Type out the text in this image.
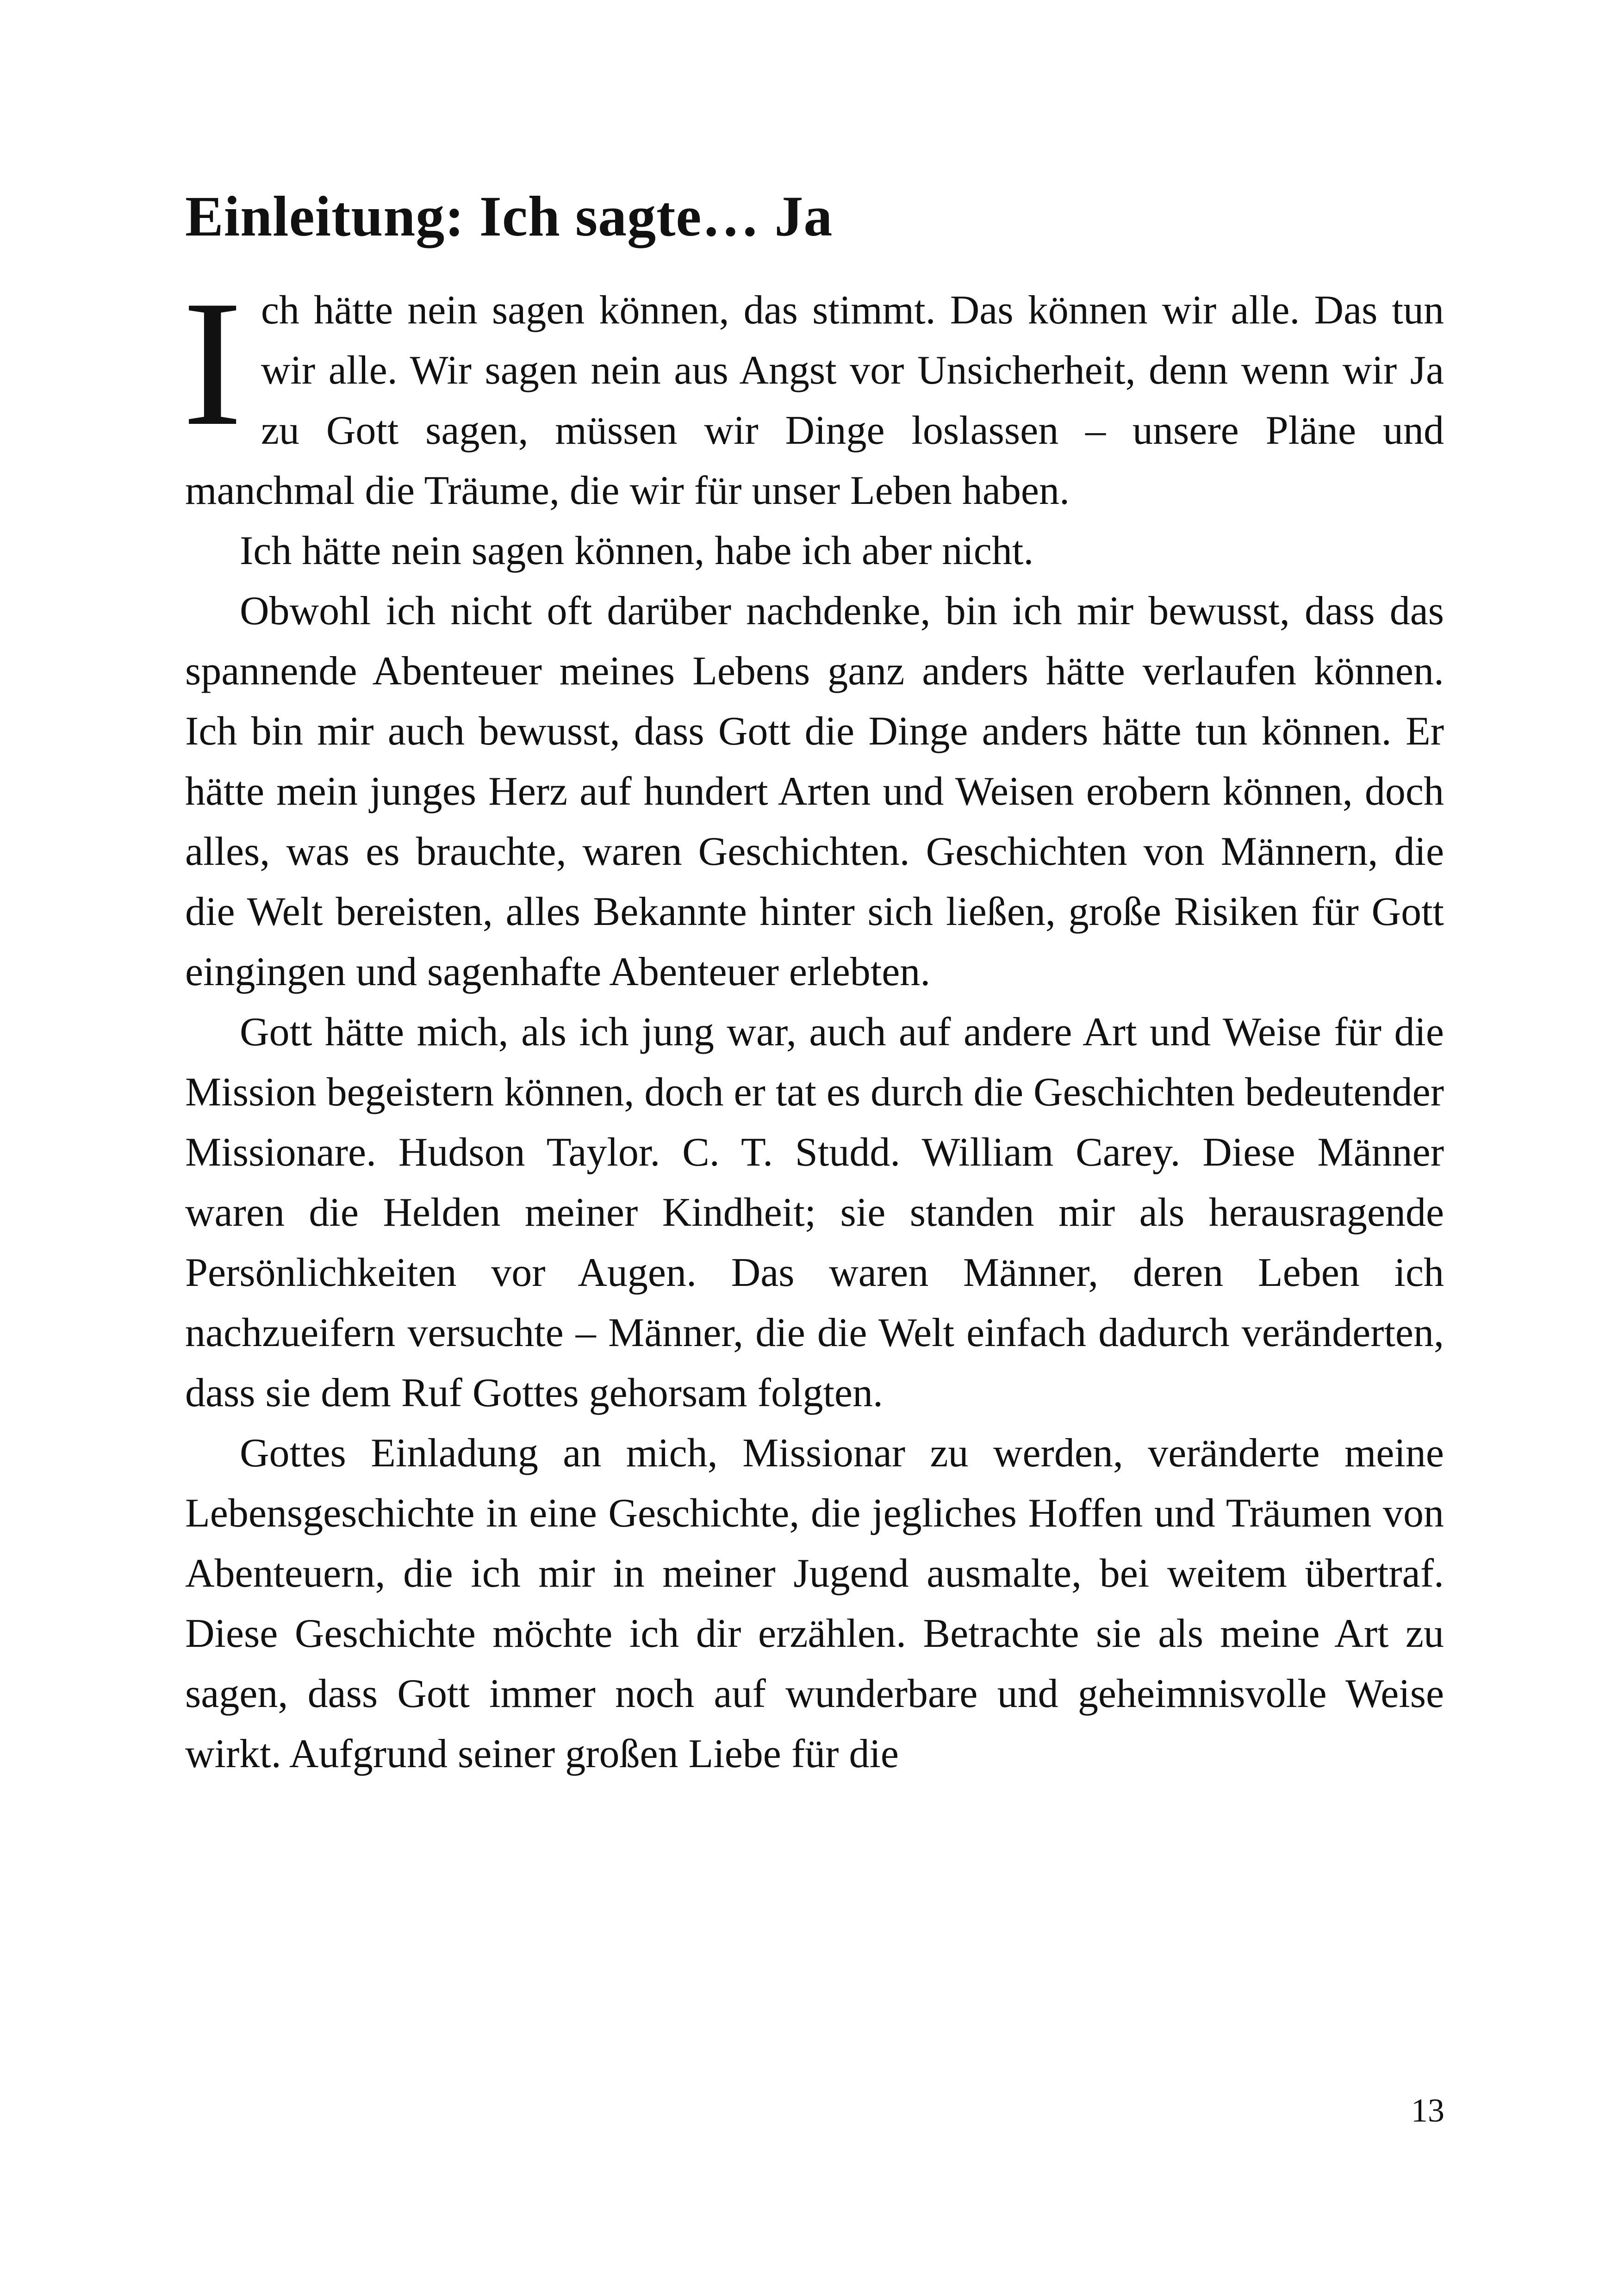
Einleitung: Ich sagte… Ja

Ich hätte nein sagen können, das stimmt. Das können wir alle. Das tun wir alle. Wir sagen nein aus Angst vor Unsicherheit, denn wenn wir Ja zu Gott sagen, müssen wir Dinge loslassen – unsere Pläne und manchmal die Träume, die wir für unser Leben haben.

Ich hätte nein sagen können, habe ich aber nicht.

Obwohl ich nicht oft darüber nachdenke, bin ich mir bewusst, dass das spannende Abenteuer meines Lebens ganz anders hätte verlaufen können. Ich bin mir auch bewusst, dass Gott die Dinge anders hätte tun können. Er hätte mein junges Herz auf hundert Arten und Weisen erobern können, doch alles, was es brauchte, waren Geschichten. Geschichten von Männern, die die Welt bereisten, alles Bekannte hinter sich ließen, große Risiken für Gott eingingen und sagenhafte Abenteuer erlebten.

Gott hätte mich, als ich jung war, auch auf andere Art und Weise für die Mission begeistern können, doch er tat es durch die Geschichten bedeutender Missionare. Hudson Taylor. C. T. Studd. William Carey. Diese Männer waren die Helden meiner Kindheit; sie standen mir als herausragende Persönlichkeiten vor Augen. Das waren Männer, deren Leben ich nachzueifern versuchte – Männer, die die Welt einfach dadurch veränderten, dass sie dem Ruf Gottes gehorsam folgten.

Gottes Einladung an mich, Missionar zu werden, veränderte meine Lebensgeschichte in eine Geschichte, die jegliches Hoffen und Träumen von Abenteuern, die ich mir in meiner Jugend ausmalte, bei weitem übertraf. Diese Geschichte möchte ich dir erzählen. Betrachte sie als meine Art zu sagen, dass Gott immer noch auf wunderbare und geheimnisvolle Weise wirkt. Aufgrund seiner großen Liebe für die

13
